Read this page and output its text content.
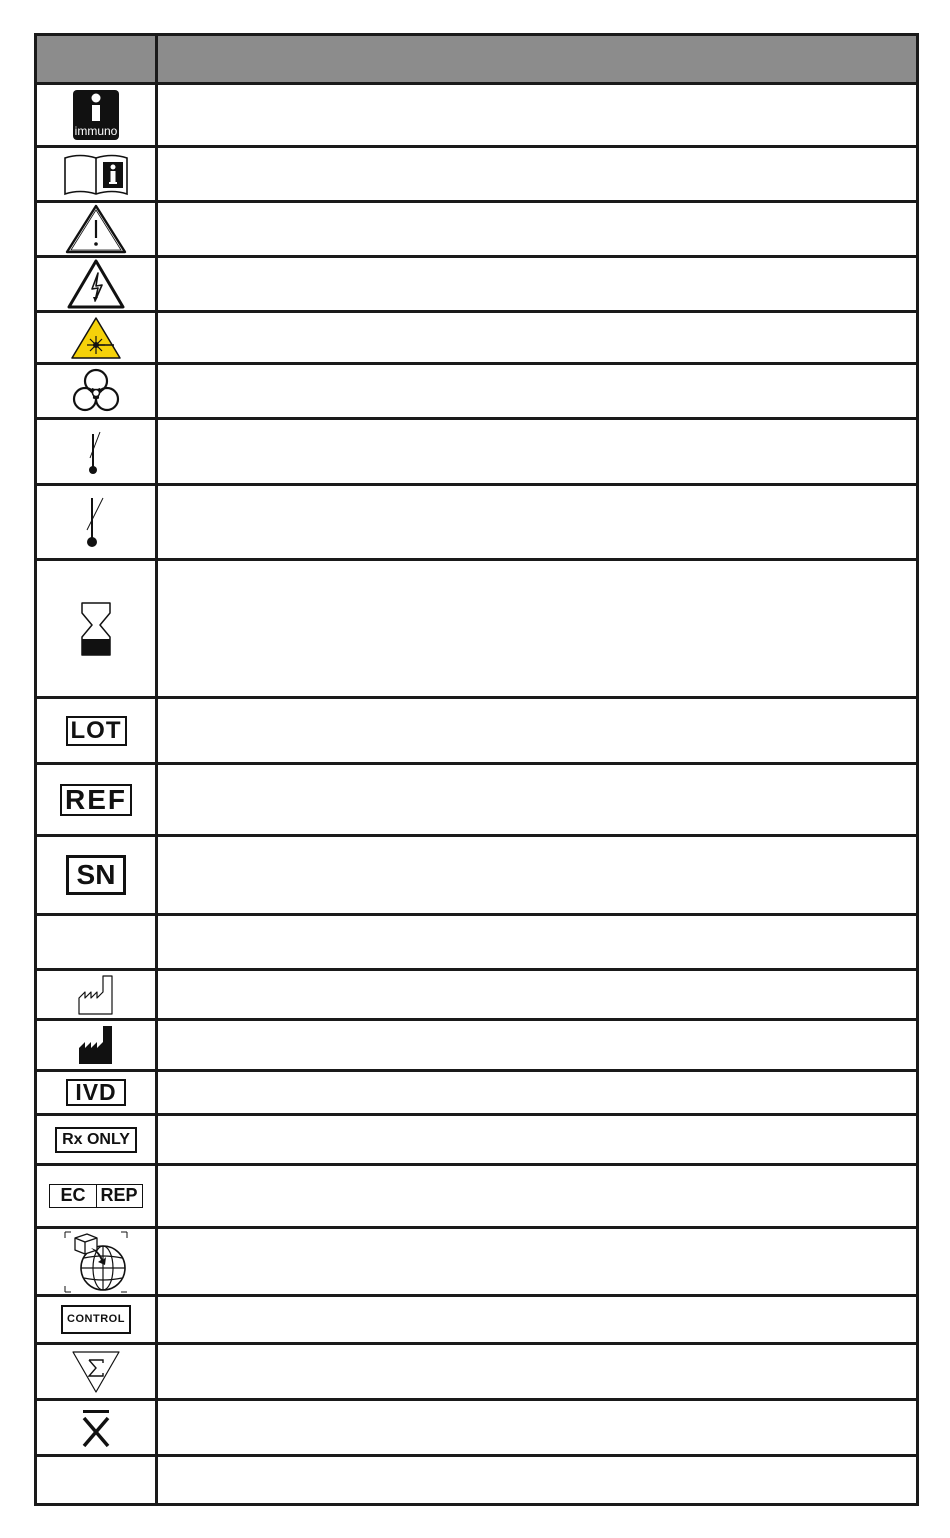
immuno	

LOT	
REF	
SN	

IVD	
Rx ONLY	

EC REP	

CONTROL	
